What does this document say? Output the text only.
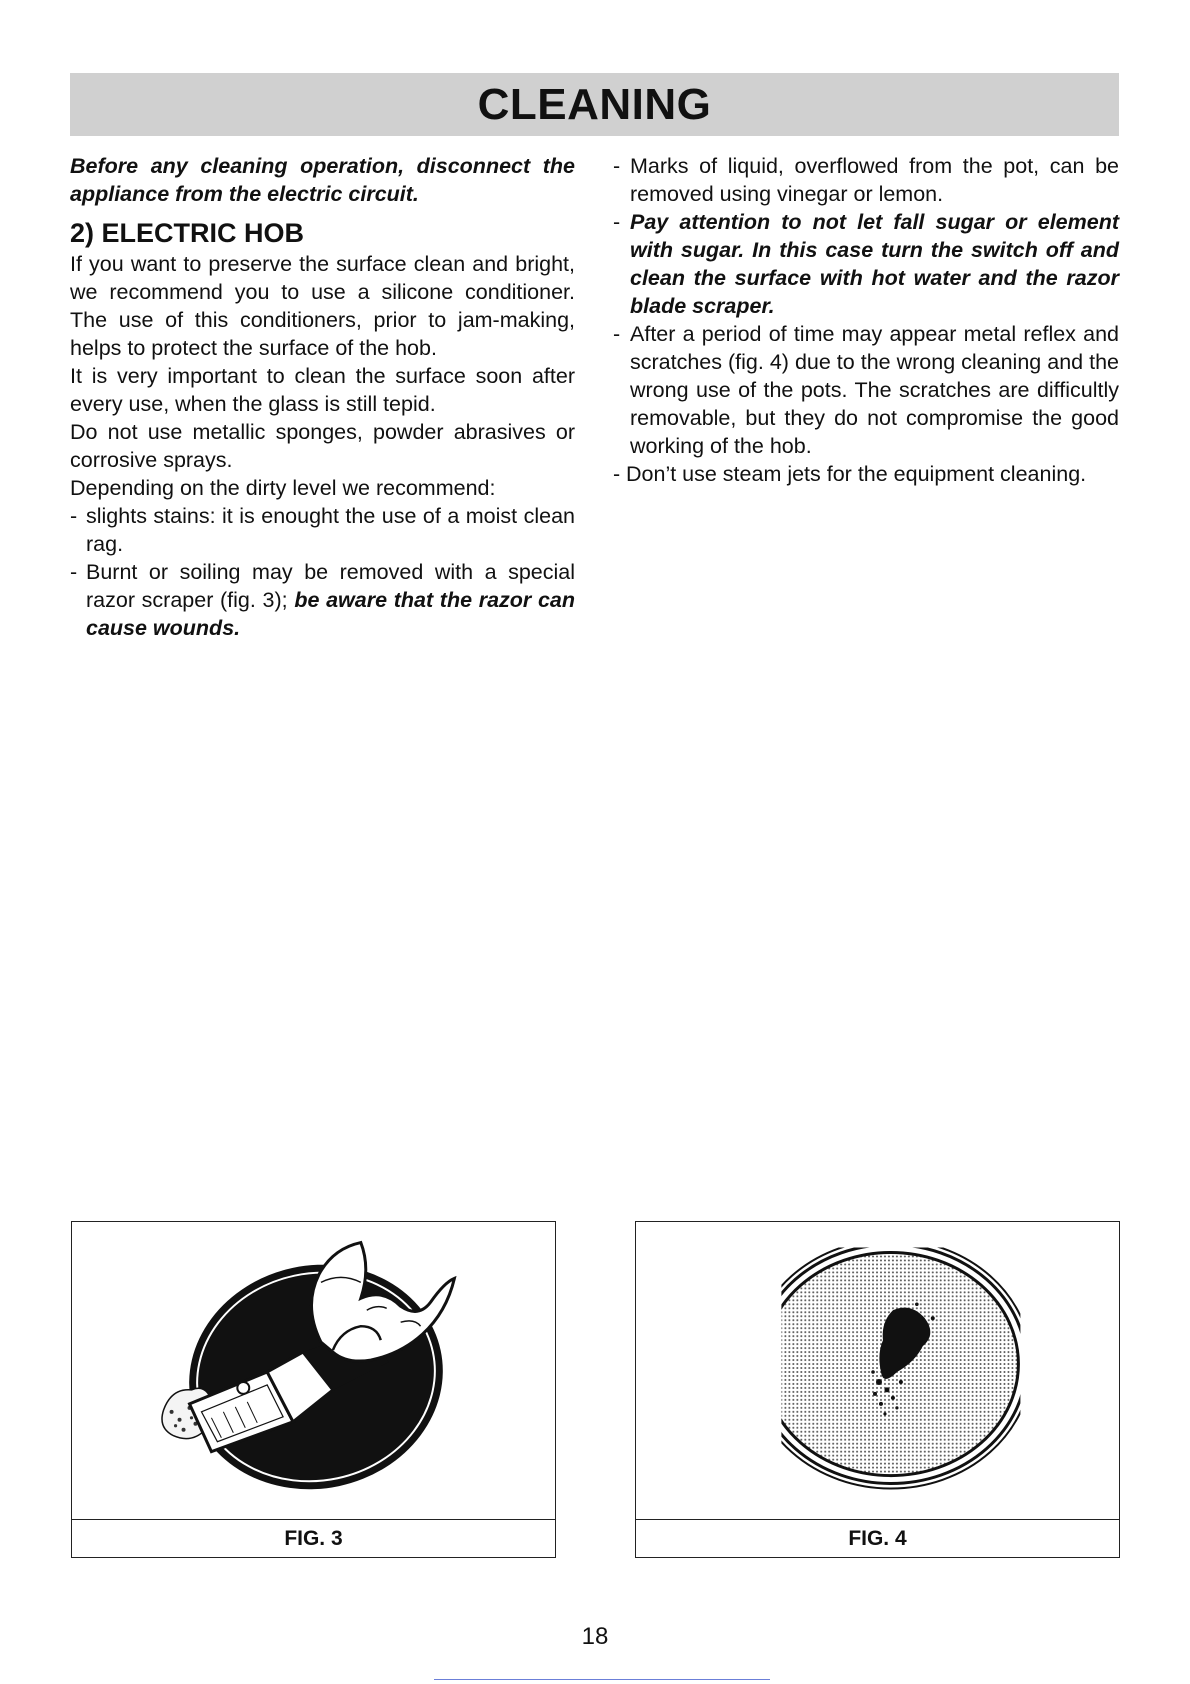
CLEANING

Before any cleaning operation, disconnect the appliance from the electric circuit.

2) ELECTRIC HOB

If you want to preserve the surface clean and bright, we recommend you to use a silicone conditioner. The use of this conditioners, prior to jam-making, helps to protect the surface of the hob.

It is very important to clean the surface soon after every use, when the glass is still tepid.

Do not use metallic sponges, powder abrasives or corrosive sprays.

Depending on the dirty level we recommend:

- slights stains: it is enought the use of a moist clean rag.
- Burnt or soiling may be removed with a special razor scraper (fig. 3); be aware that the razor can cause wounds.
- Marks of liquid, overflowed from the pot, can be removed using vinegar or lemon.
- Pay attention to not let fall sugar or element with sugar. In this case turn the switch off and clean the surface with hot water and the razor blade scraper.
- After a period of time may appear metal reflex and scratches (fig. 4) due to the wrong cleaning and the wrong use of the pots. The scratches are difficultly removable, but they do not compromise the good working of the hob.
- Don’t use steam jets for the equipment cleaning.
FIG. 3	FIG. 4
18
